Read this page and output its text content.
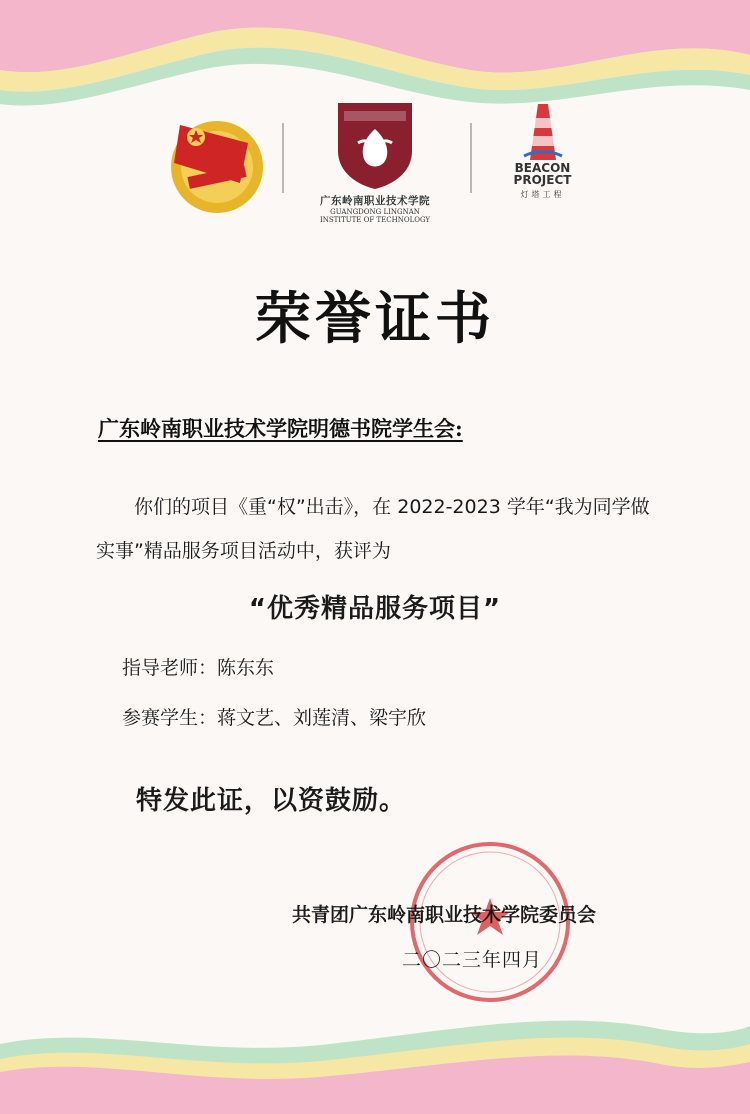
广东岭南职业技术学院
GUANGDONG LINGNAN
INSTITUTE OF TECHNOLOGY
BEACON
PROJECT
灯塔工程
荣誉证书
广东岭南职业技术学院明德书院学生会:
你们的项目《重“权”出击》，在 2022-2023 学年“我为同学做实事”精品服务项目活动中，获评为
“优秀精品服务项目”
指导老师：陈东东
参赛学生：蒋文艺、刘莲清、梁宇欣
特发此证，以资鼓励。
共青团广东岭南职业技术学院委员会
二〇二三年四月
